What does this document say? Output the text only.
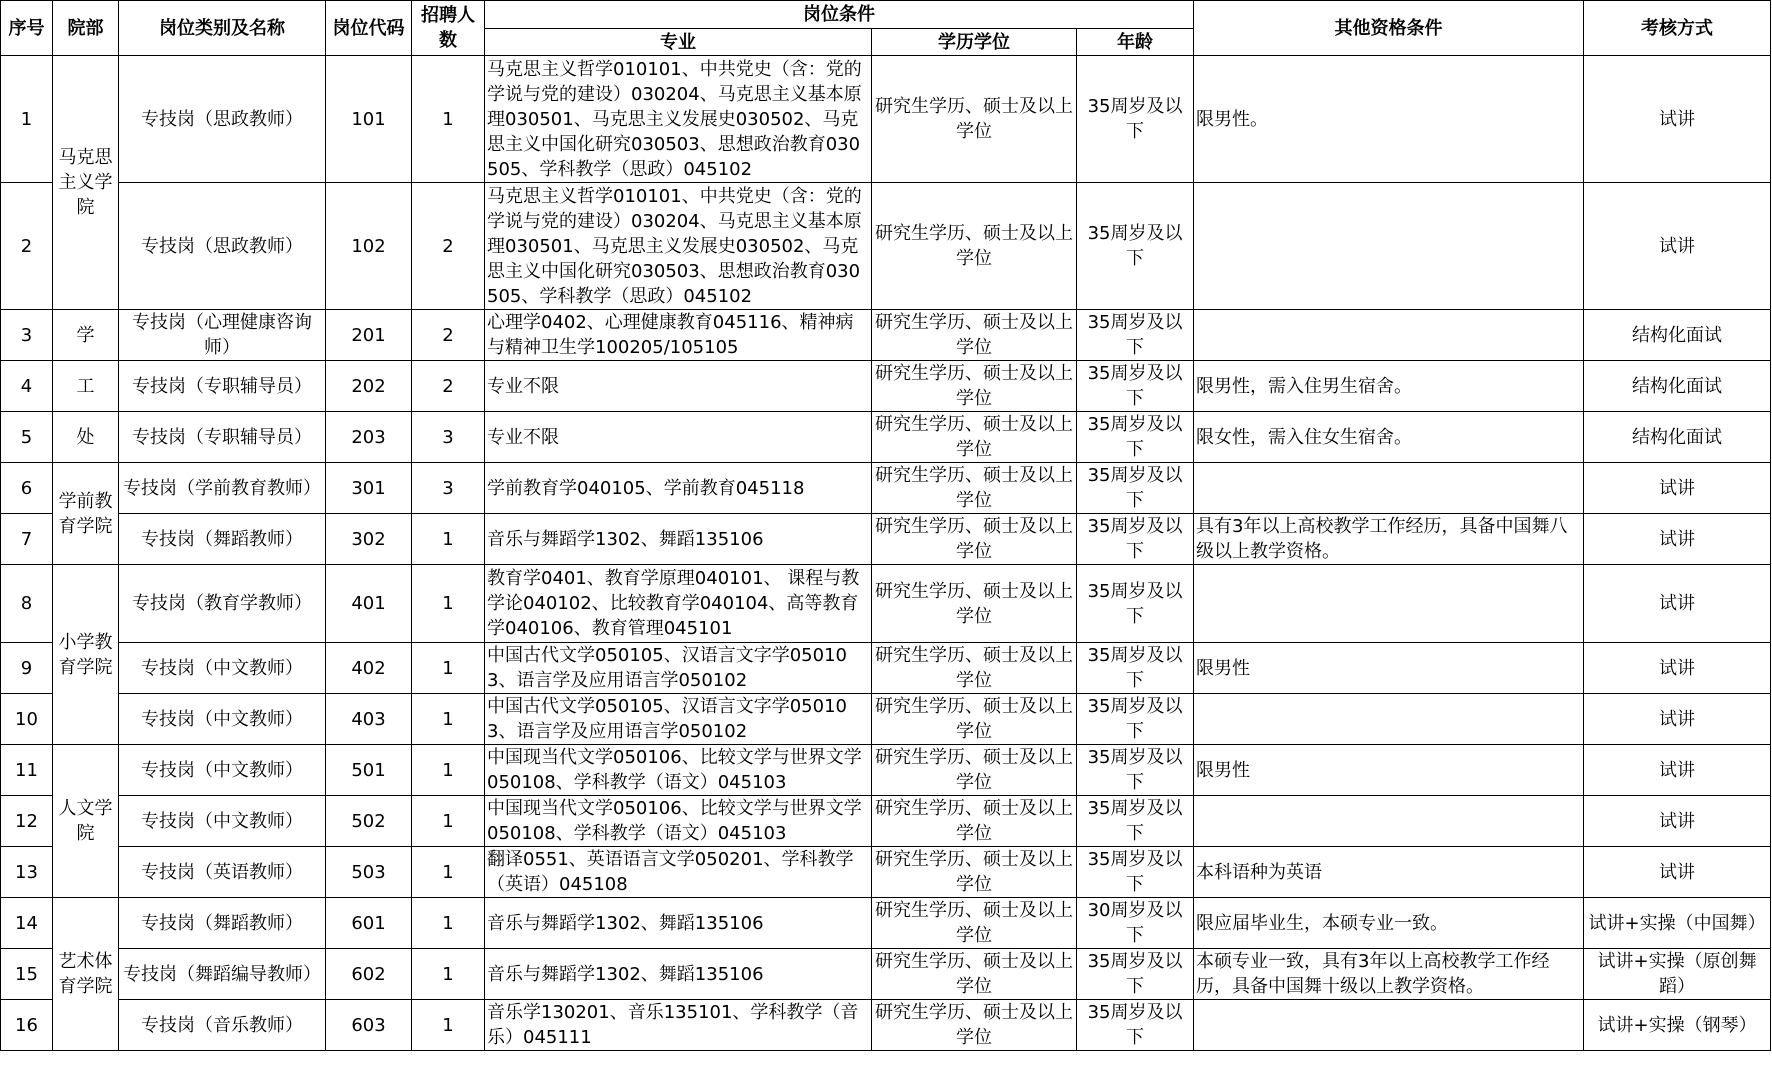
序号	院部	岗位类别及名称	岗位代码	招聘人数	岗位条件			其他资格条件	考核方式
					专业	学历学位	年龄		
1	马克思主义学院	专技岗（思政教师）	101	1	马克思主义哲学010101、中共党史（含：党的学说与党的建设）030204、马克思主义基本原理030501、马克思主义发展史030502、马克思主义中国化研究030503、思想政治教育030505、学科教学（思政）045102	研究生学历、硕士及以上学位	35周岁及以下	限男性。	试讲
2		专技岗（思政教师）	102	2	马克思主义哲学010101、中共党史（含：党的学说与党的建设）030204、马克思主义基本原理030501、马克思主义发展史030502、马克思主义中国化研究030503、思想政治教育030505、学科教学（思政）045102	研究生学历、硕士及以上学位	35周岁及以下		试讲
3	学	专技岗（心理健康咨询师）	201	2	心理学0402、心理健康教育045116、精神病与精神卫生学100205/105105	研究生学历、硕士及以上学位	35周岁及以下		结构化面试
4	工	专技岗（专职辅导员）	202	2	专业不限	研究生学历、硕士及以上学位	35周岁及以下	限男性，需入住男生宿舍。	结构化面试
5	处	专技岗（专职辅导员）	203	3	专业不限	研究生学历、硕士及以上学位	35周岁及以下	限女性，需入住女生宿舍。	结构化面试
6	学前教育学院	专技岗（学前教育教师）	301	3	学前教育学040105、学前教育045118	研究生学历、硕士及以上学位	35周岁及以下		试讲
7		专技岗（舞蹈教师）	302	1	音乐与舞蹈学1302、舞蹈135106	研究生学历、硕士及以上学位	35周岁及以下	具有3年以上高校教学工作经历，具备中国舞八级以上教学资格。	试讲
8	小学教育学院	专技岗（教育学教师）	401	1	教育学0401、教育学原理040101、 课程与教学论040102、比较教育学040104、高等教育学040106、教育管理045101	研究生学历、硕士及以上学位	35周岁及以下		试讲
9		专技岗（中文教师）	402	1	中国古代文学050105、汉语言文字学050103、语言学及应用语言学050102	研究生学历、硕士及以上学位	35周岁及以下	限男性	试讲
10		专技岗（中文教师）	403	1	中国古代文学050105、汉语言文字学050103、语言学及应用语言学050102	研究生学历、硕士及以上学位	35周岁及以下		试讲
11	人文学院	专技岗（中文教师）	501	1	中国现当代文学050106、比较文学与世界文学050108、学科教学（语文）045103	研究生学历、硕士及以上学位	35周岁及以下	限男性	试讲
12		专技岗（中文教师）	502	1	中国现当代文学050106、比较文学与世界文学050108、学科教学（语文）045103	研究生学历、硕士及以上学位	35周岁及以下		试讲
13		专技岗（英语教师）	503	1	翻译0551、英语语言文学050201、学科教学（英语）045108	研究生学历、硕士及以上学位	35周岁及以下	本科语种为英语	试讲
14	艺术体育学院	专技岗（舞蹈教师）	601	1	音乐与舞蹈学1302、舞蹈135106	研究生学历、硕士及以上学位	30周岁及以下	限应届毕业生，本硕专业一致。	试讲+实操（中国舞）
15		专技岗（舞蹈编导教师）	602	1	音乐与舞蹈学1302、舞蹈135106	研究生学历、硕士及以上学位	35周岁及以下	本硕专业一致，具有3年以上高校教学工作经历，具备中国舞十级以上教学资格。	试讲+实操（原创舞蹈）
16		专技岗（音乐教师）	603	1	音乐学130201、音乐135101、学科教学（音乐）045111	研究生学历、硕士及以上学位	35周岁及以下		试讲+实操（钢琴）
